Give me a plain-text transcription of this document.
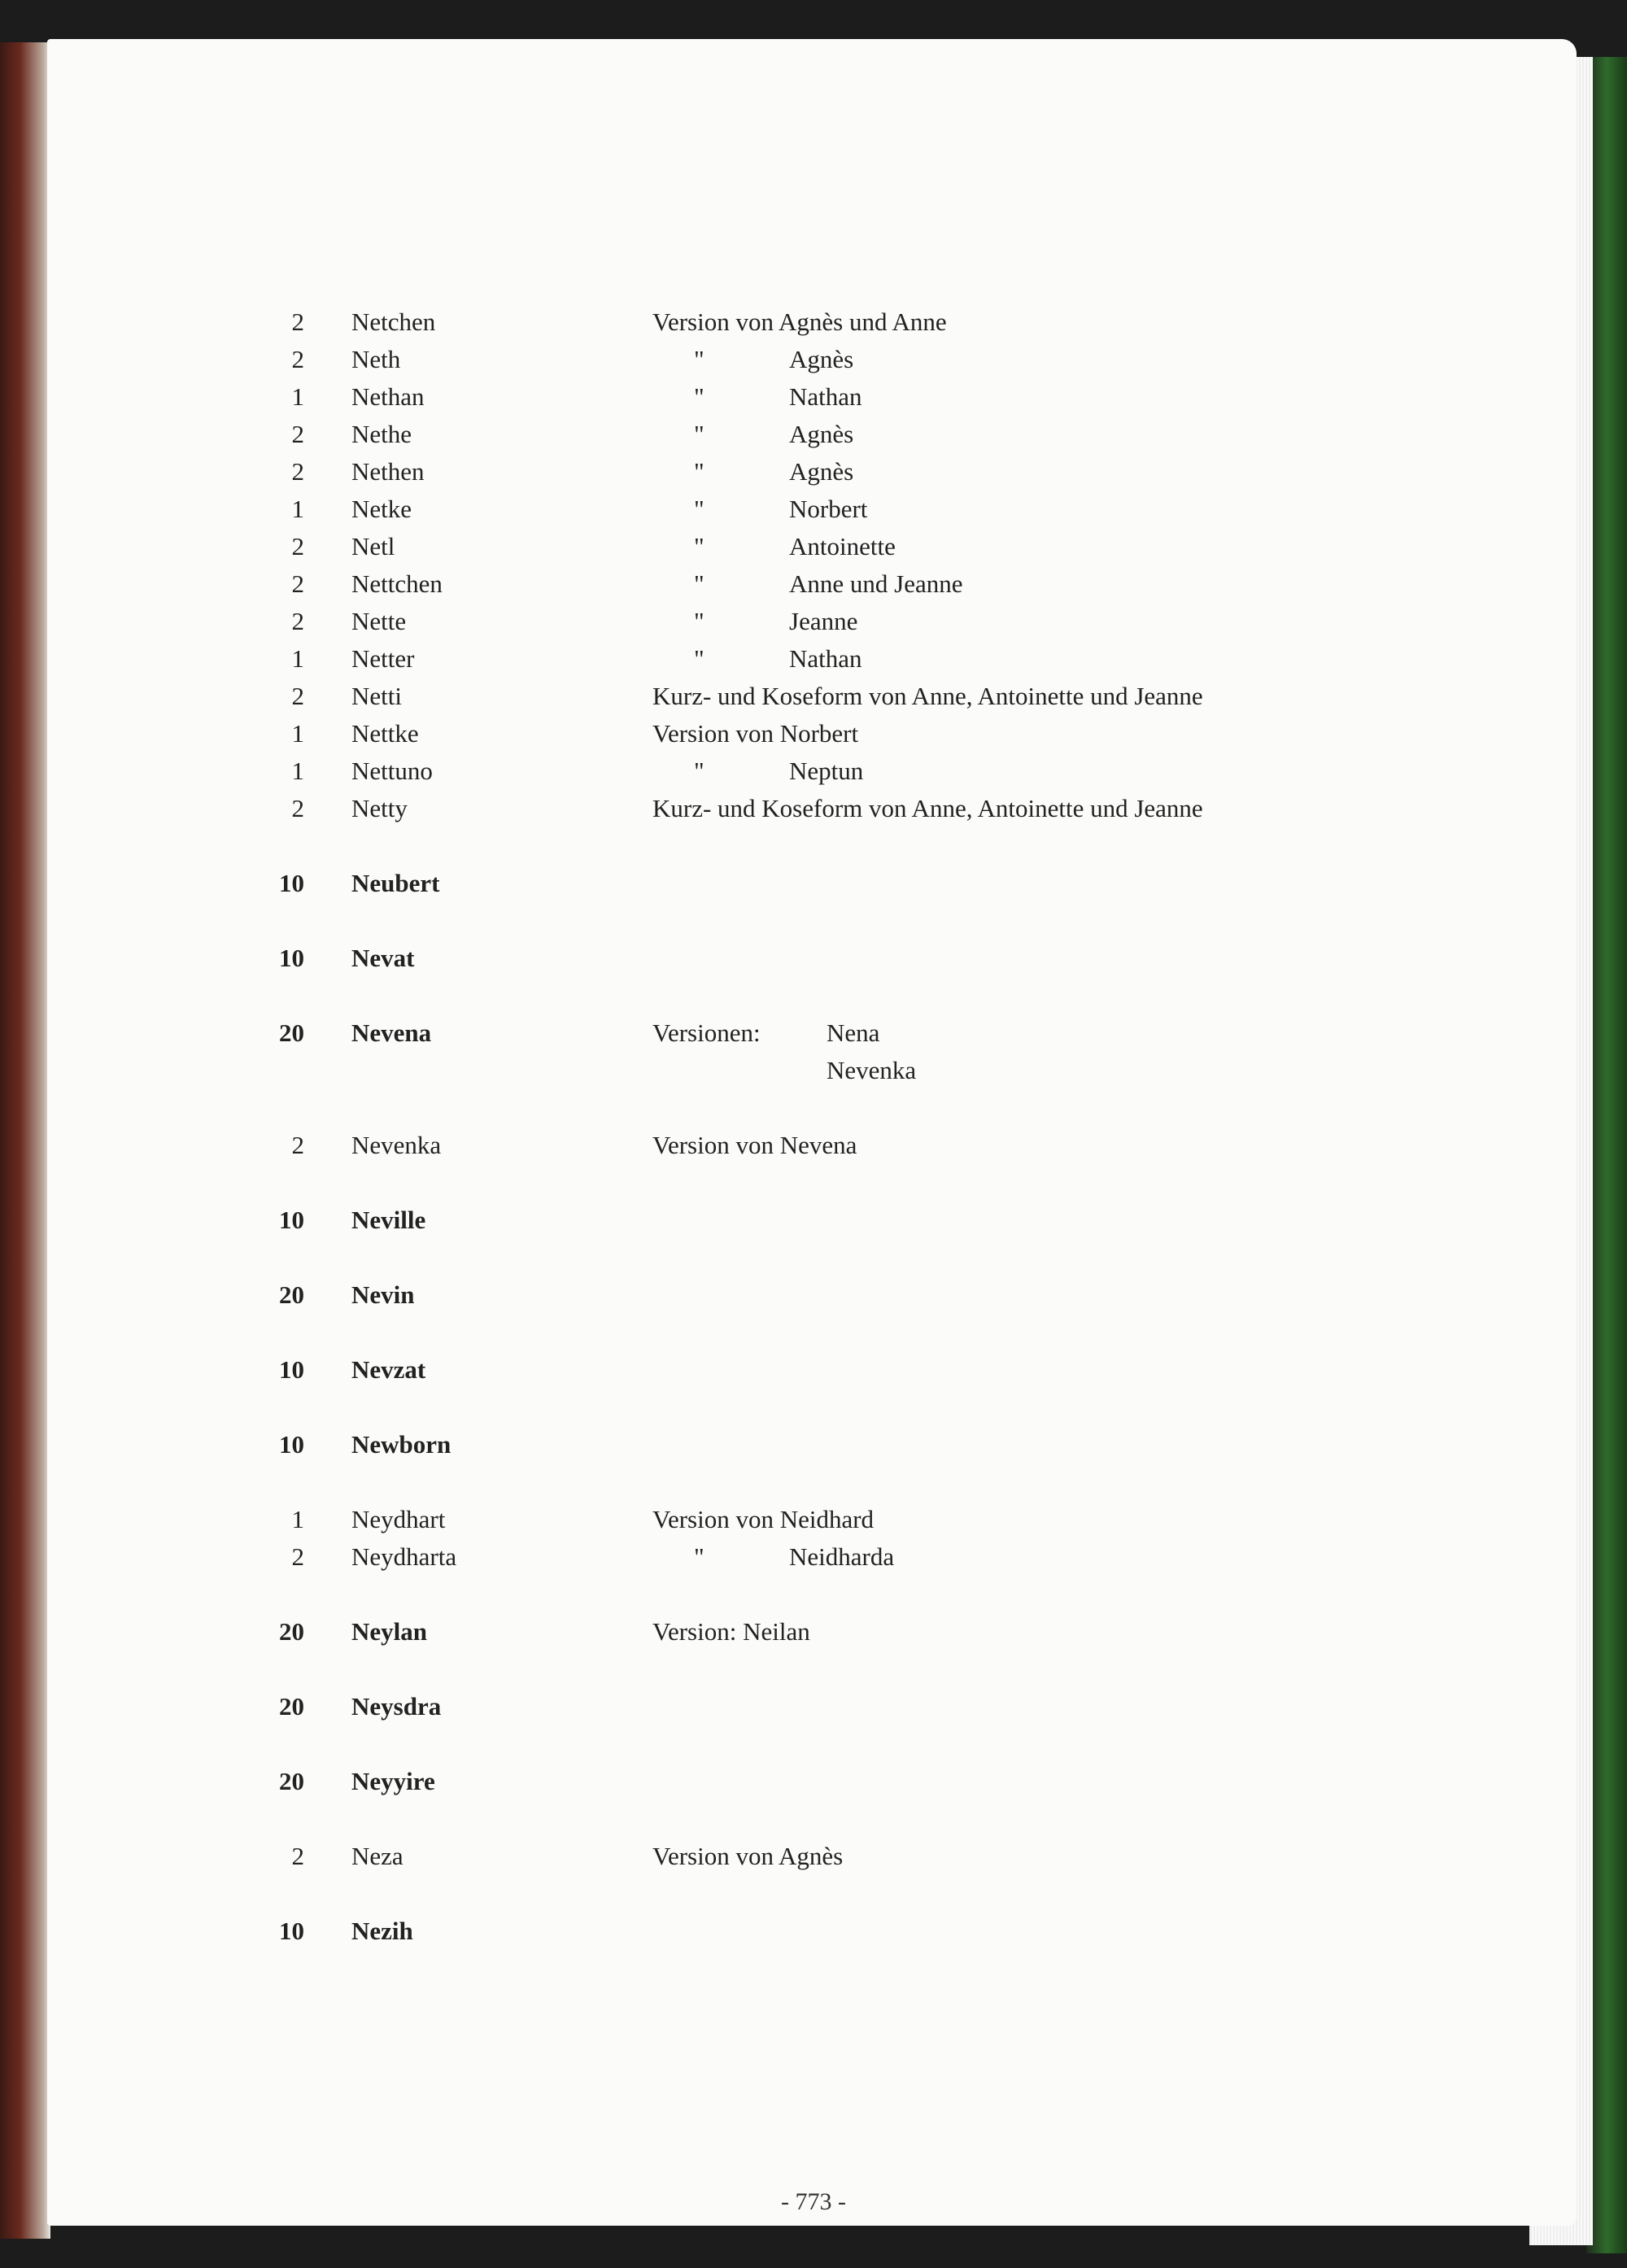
2 Netchen	Version von Agnès und Anne
2 Neth	"	Agnès
1 Nethan	"	Nathan
2 Nethe	"	Agnès
2 Nethen	"	Agnès
1 Netke	"	Norbert
2 Netl	"	Antoinette
2 Nettchen	"	Anne und Jeanne
2 Nette	"	Jeanne
1 Netter	"	Nathan
2 Netti	Kurz- und Koseform von Anne, Antoinette und Jeanne
1 Nettke	Version von Norbert
1 Nettuno	"	Neptun
2 Netty	Kurz- und Koseform von Anne, Antoinette und Jeanne
10 Neubert
10 Nevat
20 Nevena	Versionen:	Nena
Nevenka
2 Nevenka	Version von Nevena
10 Neville
20 Nevin
10 Nevzat
10 Newborn
1 Neydhart	Version von Neidhard
2 Neydharta	"	Neidharda
20 Neylan	Version: Neilan
20 Neysdra
20 Neyyire
2 Neza	Version von Agnès
10 Nezih
- 773 -
